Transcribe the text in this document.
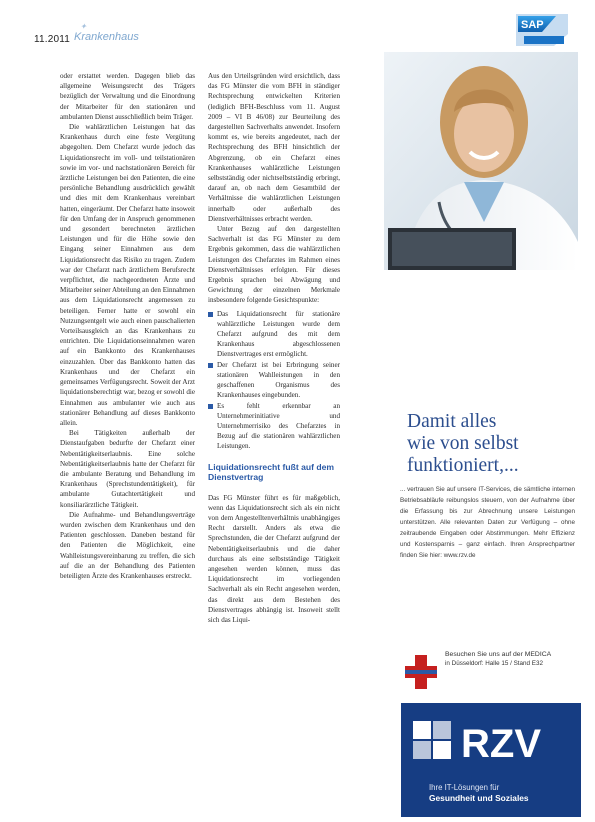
11.2011
✦
Krankenhaus
SAP

oder erstattet werden. Dagegen blieb das allgemeine Weisungsrecht des Trägers bezüglich der Verwaltung und die Einordnung der Mitarbeiter für den stationären und ambulanten Dienst ausschließlich beim Träger.

Die wahlärztlichen Leistungen hat das Krankenhaus durch eine feste Vergütung abgegolten. Dem Chefarzt wurde jedoch das Liquidationsrecht im voll- und teilstationären sowie im vor- und nachstationären Bereich für ärztliche Leistungen bei den Patienten, die eine persönliche Behandlung ausdrücklich gewählt und dies mit dem Krankenhaus vereinbart hatten, eingeräumt. Der Chefarzt hatte insoweit für den Umfang der in Anspruch genommenen und gesondert berechneten ärztlichen Leistungen und für die Höhe sowie den Eingang seiner Einnahmen aus dem Liquidationsrecht das Risiko zu tragen. Zudem war der Chefarzt nach ärztlichem Berufsrecht verpflichtet, die nachgeordneten Ärzte und Mitarbeiter seiner Abteilung an den Einnahmen aus dem Liquidationsrecht angemessen zu beteiligen. Ferner hatte er sowohl ein Nutzungsentgelt wie auch einen pauschalierten Vorteilsausgleich an das Krankenhaus zu entrichten. Die Liquidationseinnahmen waren auf ein Bankkonto des Krankenhauses einzuzahlen. Über das Bankkonto hatten das Krankenhaus und der Chefarzt ein gemeinsames Verfügungsrecht. Soweit der Arzt liquidationsberechtigt war, bezog er sowohl die Einnahmen aus ambulanter wie auch aus stationärer Behandlung auf dieses Bankkonto allein.

Bei Tätigkeiten außerhalb der Dienstaufgaben bedurfte der Chefarzt einer Nebentätigkeitserlaubnis. Eine solche Nebentätigkeitserlaubnis hatte der Chefarzt für die ambulante Beratung und Behandlung im Krankenhaus (Sprechstundentätigkeit), für ambulante Gutachtertätigkeit und konsiliarärztliche Tätigkeit.

Die Aufnahme- und Behandlungsverträge wurden zwischen dem Krankenhaus und den Patienten geschlossen. Daneben bestand für den Patienten die Möglichkeit, eine Wahlleistungsvereinbarung zu treffen, die sich auf die an der Behandlung des Patienten beteiligten Ärzte des Krankenhauses erstreckt.

Aus den Urteilsgründen wird ersichtlich, dass das FG Münster die vom BFH in ständiger Rechtsprechung entwickelten Kriterien (lediglich BFH-Beschluss vom 11. August 2009 – VI B 46/08) zur Beurteilung des dargestellten Sachverhalts anwendet. Insofern kommt es, wie bereits angedeutet, nach der Rechtsprechung des BFH hinsichtlich der Abgrenzung, ob ein Chefarzt eines Krankenhauses wahlärztliche Leistungen selbstständig oder nichtselbstständig erbringt, darauf an, ob nach dem Gesamtbild der Verhältnisse die wahlärztlichen Leistungen innerhalb oder außerhalb des Dienstverhältnisses erbracht werden.

Unter Bezug auf den dargestellten Sachverhalt ist das FG Münster zu dem Ergebnis gekommen, dass die wahlärztlichen Leistungen des Chefarztes im Rahmen eines Dienstverhältnisses erfolgten. Für dieses Ergebnis sprachen bei Abwägung und Gewichtung der einzelnen Merkmale insbesondere folgende Gesichtspunkte:

Das Liquidationsrecht für stationäre wahlärztliche Leistungen wurde dem Chefarzt aufgrund des mit dem Krankenhaus abgeschlossenen Dienstvertrages erst ermöglicht.
Der Chefarzt ist bei Erbringung seiner stationären Wahlleistungen in den geschaffenen Organismus des Krankenhauses eingebunden.
Es fehlt erkennbar an Unternehmerinitiative und Unternehmerrisiko des Chefarztes in Bezug auf die stationären wahlärztlichen Leistungen.
Liquidationsrecht fußt auf dem Dienstvertrag

Das FG Münster führt es für maßgeblich, wenn das Liquidationsrecht sich als ein nicht von dem Angestelltenverhältnis unabhängiges Recht darstellt. Anders als etwa die Sprechstunden, die der Chefarzt aufgrund der Nebentätigkeitserlaubnis und die daher durchaus als eine selbstständige Tätigkeit angesehen werden können, muss das Liquidationsrecht im vorliegenden Sachverhalt als ein Recht angesehen werden, das direkt aus dem Bestehen des Dienstvertrages abhängig ist. Insoweit stellt sich das Liqui-

Damit alles
wie von selbst
funktioniert,...
... vertrauen Sie auf unsere IT-Services, die sämtliche internen Betriebsabläufe reibungslos steuern, von der Aufnahme über die Erfassung bis zur Abrechnung unsere Leistungen unterstützen. Alle relevanten Daten zur Verfügung – ohne zeitraubende Eingaben oder Abstimmungen. Mehr Effizienz und Kostensparnis – ganz einfach. Ihren Ansprechpartner finden Sie hier: www.rzv.de
Besuchen Sie uns auf der MEDICA
in Düsseldorf: Halle 15 / Stand E32
RZV
Ihre IT-Lösungen für
Gesundheit und Soziales
